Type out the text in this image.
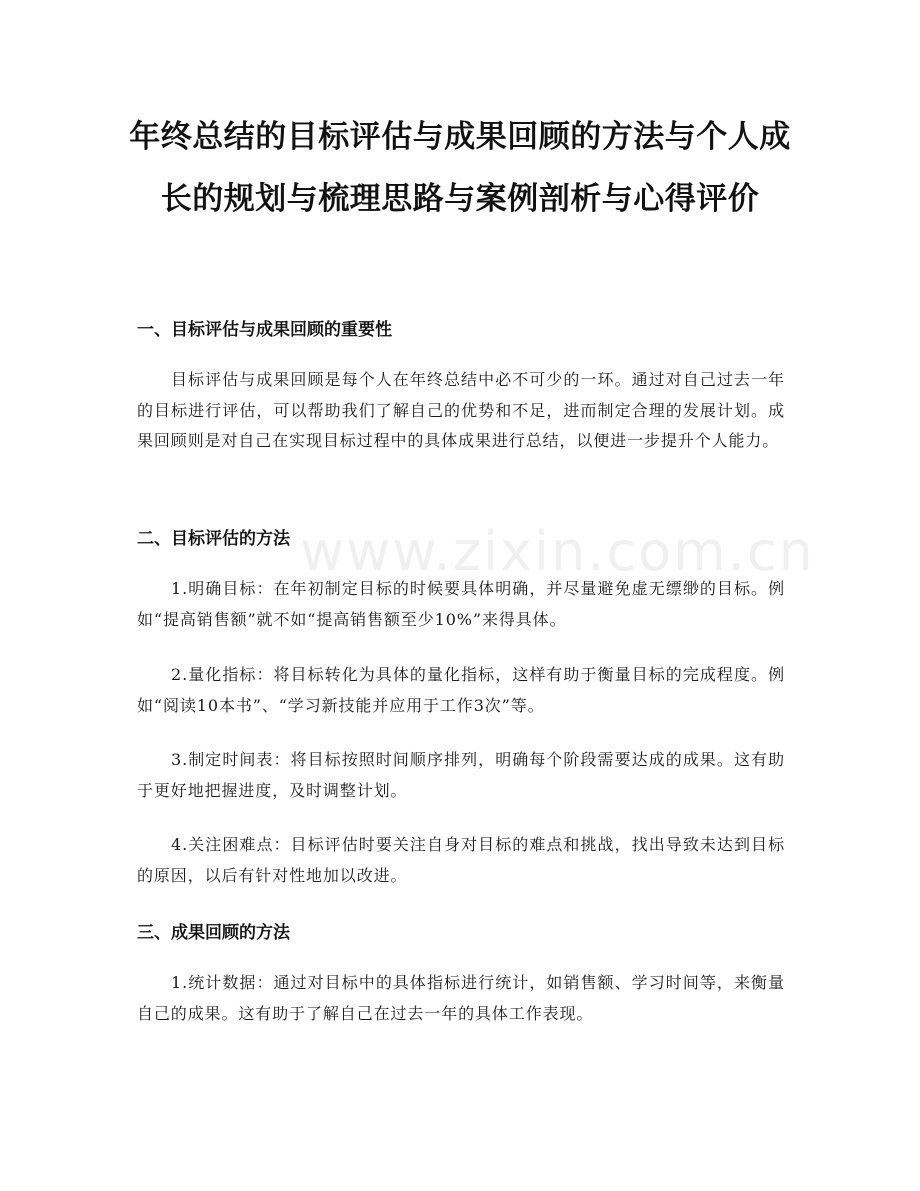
www.zixin.com.cn
年终总结的目标评估与成果回顾的方法与个人成长的规划与梳理思路与案例剖析与心得评价
一、目标评估与成果回顾的重要性

目标评估与成果回顾是每个人在年终总结中必不可少的一环。通过对自己过去一年的目标进行评估，可以帮助我们了解自己的优势和不足，进而制定合理的发展计划。成果回顾则是对自己在实现目标过程中的具体成果进行总结，以便进一步提升个人能力。

二、目标评估的方法

1.明确目标：在年初制定目标的时候要具体明确，并尽量避免虚无缥缈的目标。例如“提高销售额”就不如“提高销售额至少10%”来得具体。

2.量化指标：将目标转化为具体的量化指标，这样有助于衡量目标的完成程度。例如“阅读10本书”、“学习新技能并应用于工作3次”等。

3.制定时间表：将目标按照时间顺序排列，明确每个阶段需要达成的成果。这有助于更好地把握进度，及时调整计划。

4.关注困难点：目标评估时要关注自身对目标的难点和挑战，找出导致未达到目标的原因，以后有针对性地加以改进。

三、成果回顾的方法

1.统计数据：通过对目标中的具体指标进行统计，如销售额、学习时间等，来衡量自己的成果。这有助于了解自己在过去一年的具体工作表现。
